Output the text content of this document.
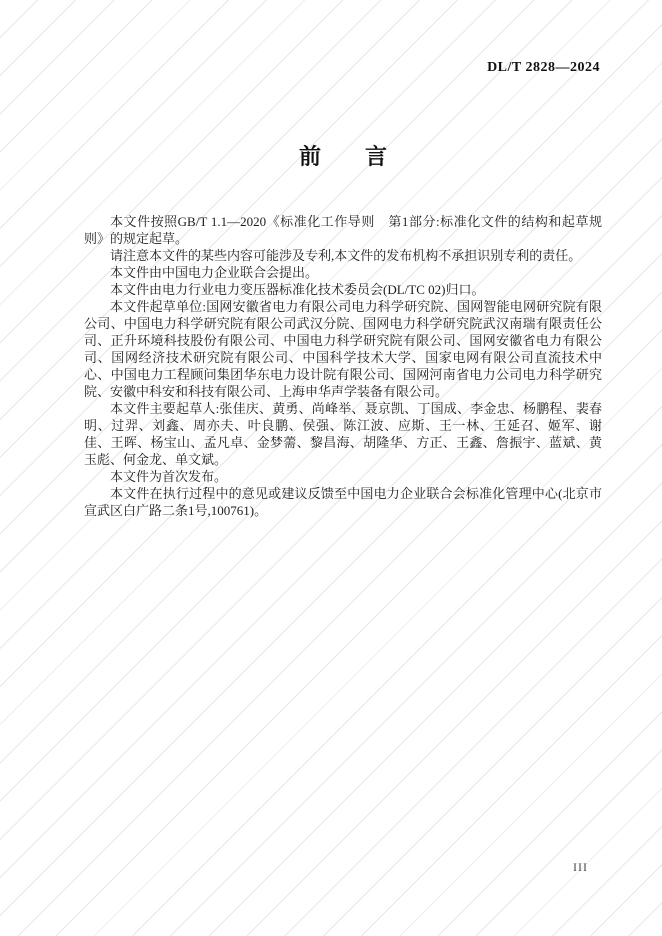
DL/T 2828—2024
前　　言

本文件按照GB/T 1.1—2020《标准化工作导则　第1部分:标准化文件的结构和起草规则》的规定起草。

请注意本文件的某些内容可能涉及专利,本文件的发布机构不承担识别专利的责任。

本文件由中国电力企业联合会提出。

本文件由电力行业电力变压器标准化技术委员会(DL/TC 02)归口。

本文件起草单位:国网安徽省电力有限公司电力科学研究院、国网智能电网研究院有限公司、中国电力科学研究院有限公司武汉分院、国网电力科学研究院武汉南瑞有限责任公司、正升环境科技股份有限公司、中国电力科学研究院有限公司、国网安徽省电力有限公司、国网经济技术研究院有限公司、中国科学技术大学、国家电网有限公司直流技术中心、中国电力工程顾问集团华东电力设计院有限公司、国网河南省电力公司电力科学研究院、安徽中科安和科技有限公司、上海申华声学装备有限公司。

本文件主要起草人:张佳庆、黄勇、尚峰举、聂京凯、丁国成、李金忠、杨鹏程、裴春明、过羿、刘鑫、周亦夫、叶良鹏、侯强、陈江波、应斯、王一林、王延召、姬军、谢佳、王晖、杨宝山、孟凡卓、金梦薷、黎昌海、胡隆华、方正、王鑫、詹振宇、蓝斌、黄玉彪、何金龙、单文斌。

本文件为首次发布。

本文件在执行过程中的意见或建议反馈至中国电力企业联合会标准化管理中心(北京市宣武区白广路二条1号,100761)。

III
